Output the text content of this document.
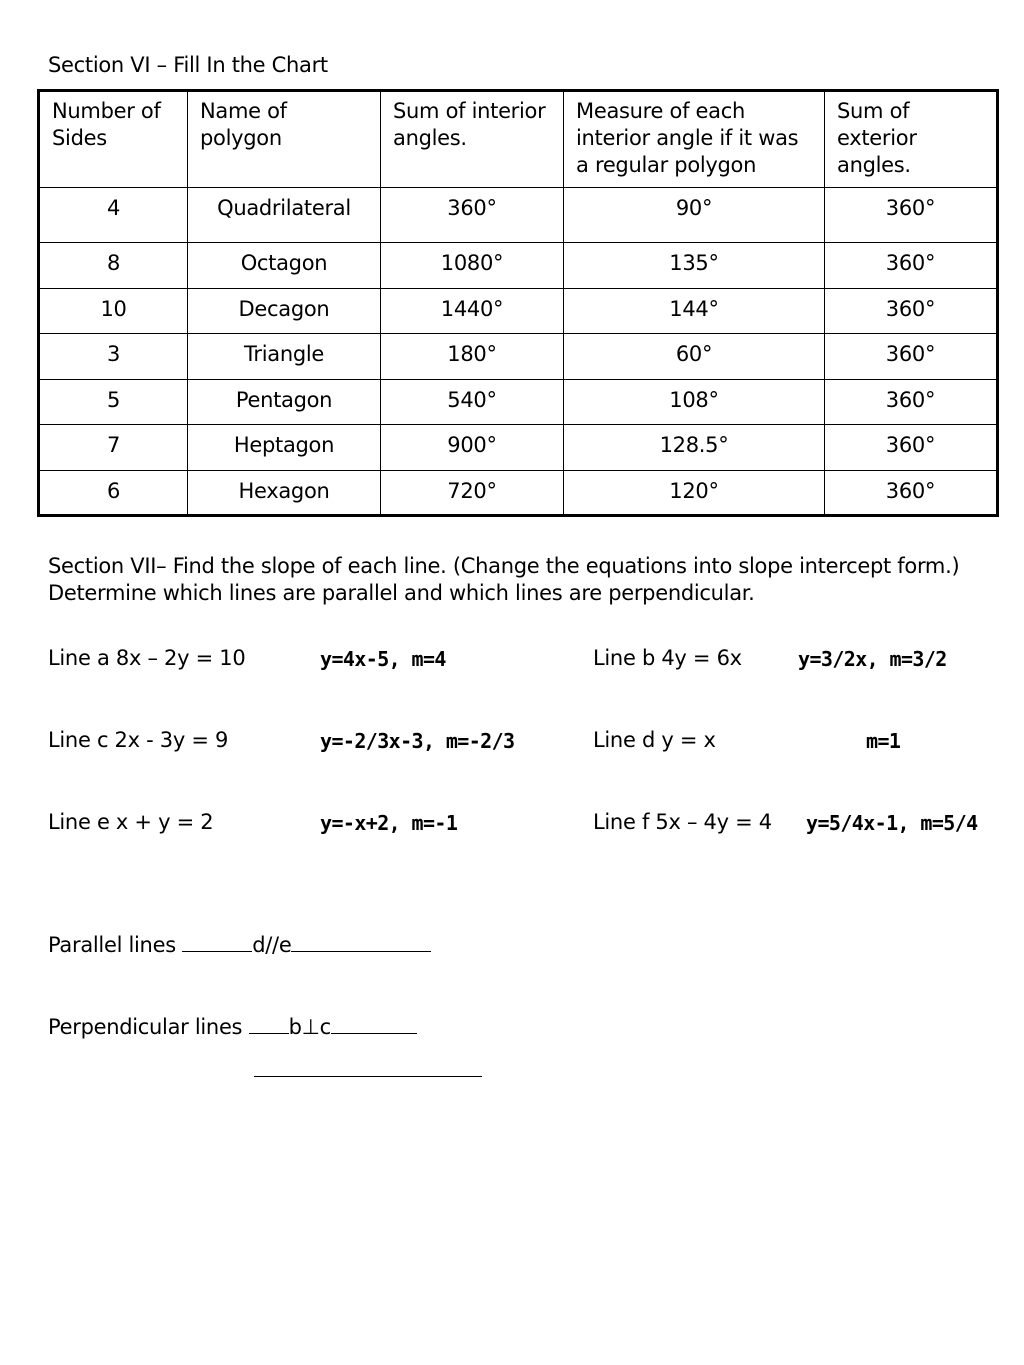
Section VI – Fill In the Chart

Number of Sides	Name of polygon	Sum of interior angles.	Measure of each interior angle if it was a regular polygon	Sum of exterior angles.
4	Quadrilateral	360°	90°	360°
8	Octagon	1080°	135°	360°
10	Decagon	1440°	144°	360°
3	Triangle	180°	60°	360°
5	Pentagon	540°	108°	360°
7	Heptagon	900°	128.5°	360°
6	Hexagon	720°	120°	360°

Section VII– Find the slope of each line. (Change the equations into slope intercept form.) Determine which lines are parallel and which lines are perpendicular.

Line a 8x – 2y = 10	y=4x-5, m=4	Line b 4y = 6x	y=3/2x, m=3/2

Line c 2x - 3y = 9	y=-2/3x-3, m=-2/3	Line d y = x	m=1

Line e x + y = 2	y=-x+2, m=-1	Line f 5x – 4y = 4 y=5/4x-1, m=5/4

Parallel lines	d//e

Perpendicular lines b⊥c
